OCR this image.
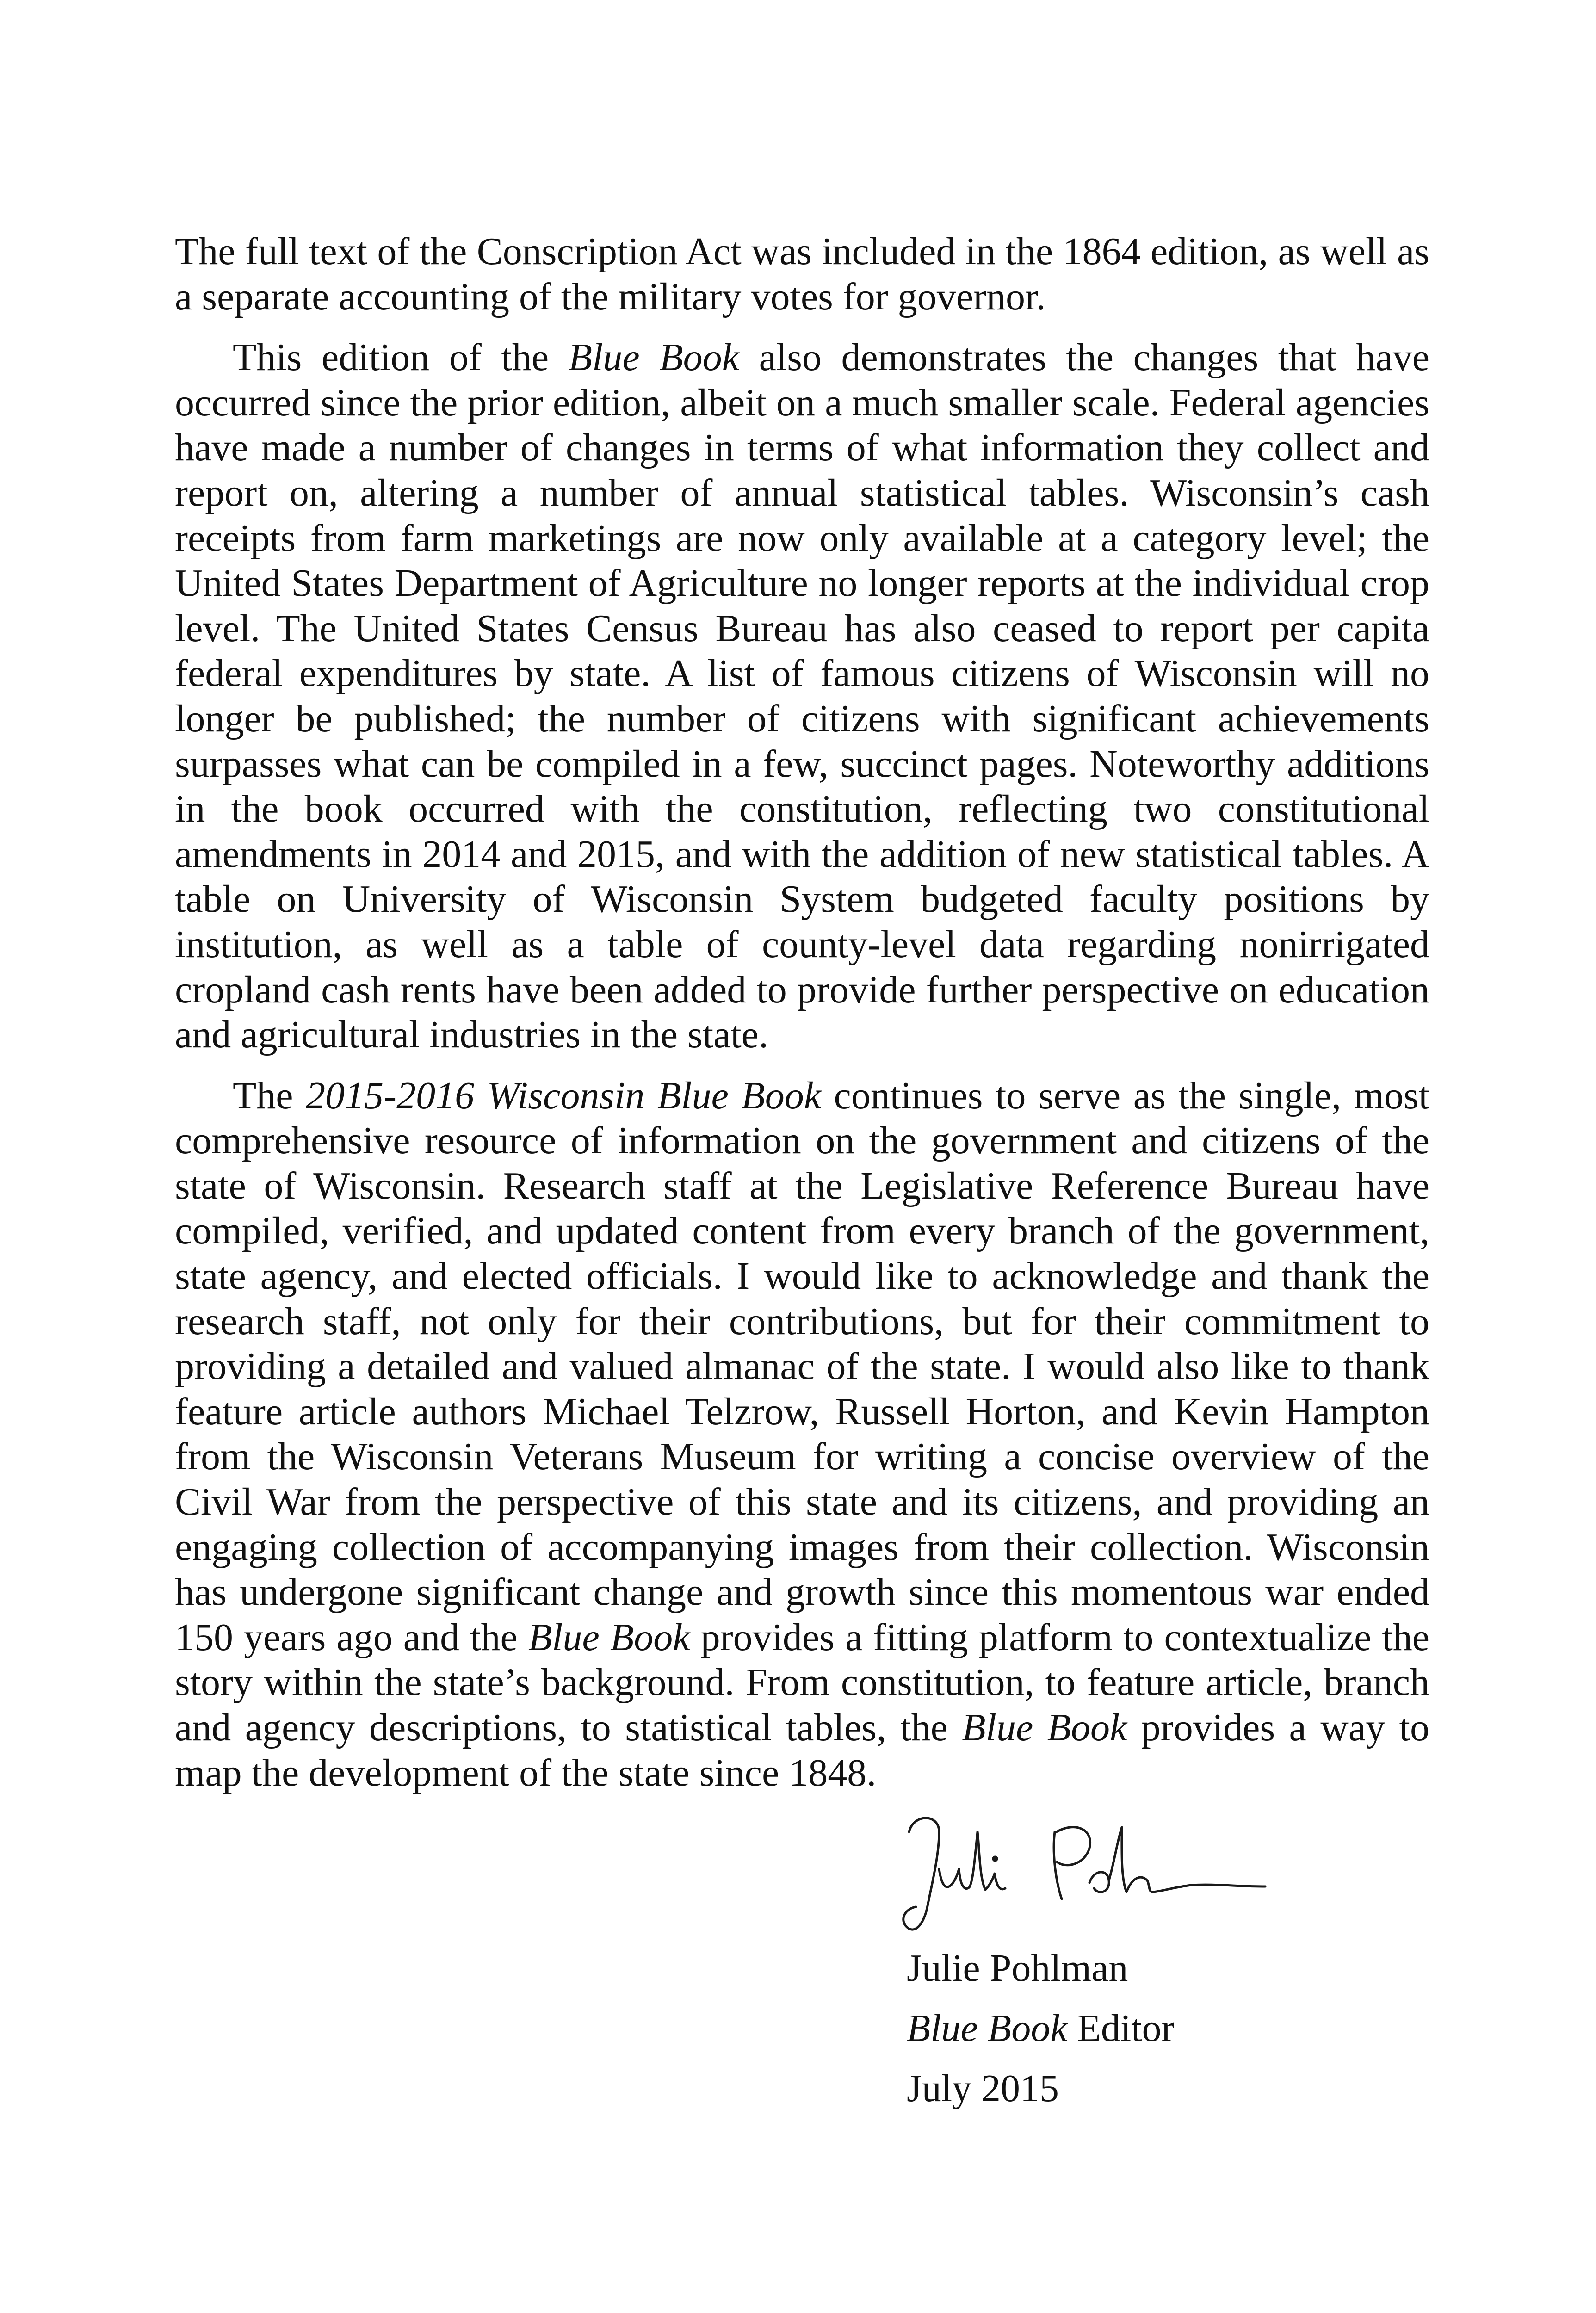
The full text of the Conscription Act was included in the 1864 edition, as well as a separate accounting of the military votes for governor.

This edition of the Blue Book also demonstrates the changes that have occurred since the prior edition, albeit on a much smaller scale. Federal agencies have made a number of changes in terms of what information they collect and report on, altering a number of annual statistical tables. Wisconsin’s cash receipts from farm marketings are now only available at a category level; the United States Department of Agriculture no longer reports at the individual crop level. The United States Census Bureau has also ceased to report per capita federal expenditures by state. A list of famous citizens of Wisconsin will no longer be published; the number of citizens with significant achievements surpasses what can be compiled in a few, succinct pages. Noteworthy additions in the book occurred with the constitution, reflecting two constitutional amendments in 2014 and 2015, and with the addition of new statistical tables. A table on University of Wisconsin System budgeted faculty positions by institution, as well as a table of county-level data regarding nonirrigated cropland cash rents have been added to provide further perspective on education and agricultural industries in the state.

The 2015-2016 Wisconsin Blue Book continues to serve as the single, most comprehensive resource of information on the government and citizens of the state of Wisconsin. Research staff at the Legislative Reference Bureau have compiled, verified, and updated content from every branch of the government, state agency, and elected officials. I would like to acknowledge and thank the research staff, not only for their contributions, but for their commitment to providing a detailed and valued almanac of the state. I would also like to thank feature article authors Michael Telzrow, Russell Horton, and Kevin Hampton from the Wisconsin Veterans Museum for writing a concise overview of the Civil War from the perspective of this state and its citizens, and providing an engaging collection of accompanying images from their collection. Wisconsin has undergone significant change and growth since this momentous war ended 150 years ago and the Blue Book provides a fitting platform to contextualize the story within the state’s background. From constitution, to feature article, branch and agency descriptions, to statistical tables, the Blue Book provides a way to map the development of the state since 1848.

Julie Pohlman
Blue Book Editor
July 2015
